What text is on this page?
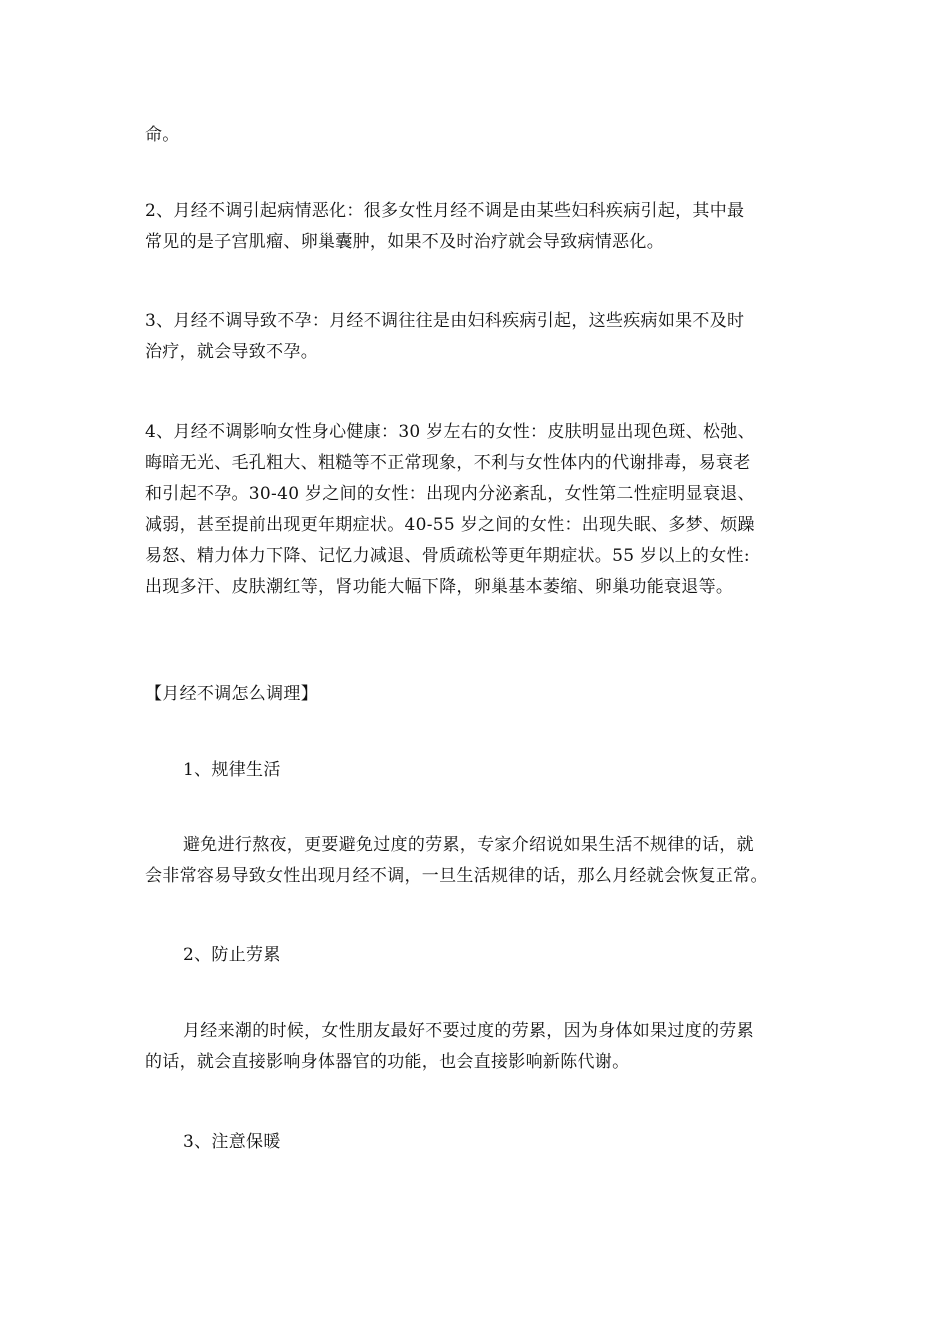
命。

2、月经不调引起病情恶化：很多女性月经不调是由某些妇科疾病引起，其中最
常见的是子宫肌瘤、卵巢囊肿，如果不及时治疗就会导致病情恶化。

3、月经不调导致不孕：月经不调往往是由妇科疾病引起，这些疾病如果不及时
治疗，就会导致不孕。

4、月经不调影响女性身心健康：30 岁左右的女性：皮肤明显出现色斑、松弛、
晦暗无光、毛孔粗大、粗糙等不正常现象，不利与女性体内的代谢排毒，易衰老
和引起不孕。30-40 岁之间的女性：出现内分泌紊乱，女性第二性症明显衰退、
减弱，甚至提前出现更年期症状。40-55 岁之间的女性：出现失眠、多梦、烦躁
易怒、精力体力下降、记忆力减退、骨质疏松等更年期症状。55 岁以上的女性:
出现多汗、皮肤潮红等，肾功能大幅下降，卵巢基本萎缩、卵巢功能衰退等。

【月经不调怎么调理】

1、规律生活

避免进行熬夜，更要避免过度的劳累，专家介绍说如果生活不规律的话，就
会非常容易导致女性出现月经不调，一旦生活规律的话，那么月经就会恢复正常。

2、防止劳累

月经来潮的时候，女性朋友最好不要过度的劳累，因为身体如果过度的劳累
的话，就会直接影响身体器官的功能，也会直接影响新陈代谢。

3、注意保暖
